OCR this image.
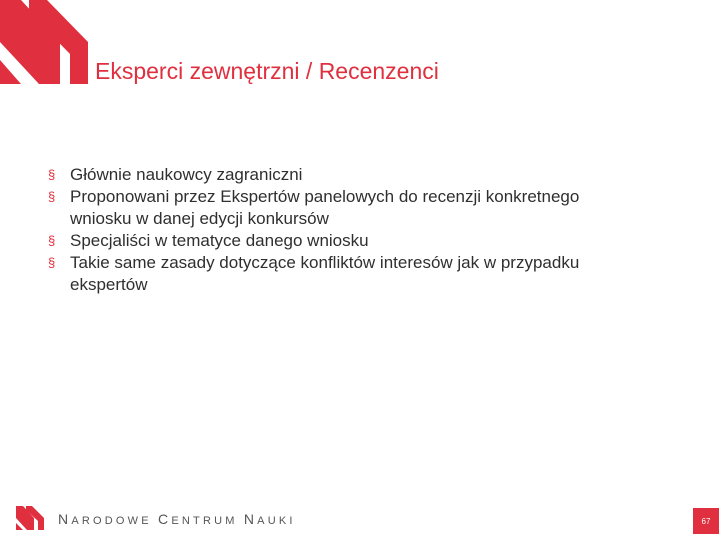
Eksperci zewnętrzni / Recenzenci
§ Głównie naukowcy zagraniczni
§ Proponowani przez Ekspertów panelowych do recenzji konkretnego wniosku w danej edycji konkursów
§ Specjaliści w tematyce danego wniosku
§ Takie same zasady dotyczące konfliktów interesów jak w przypadku ekspertów
NARODOWE CENTRUM NAUKI	67
